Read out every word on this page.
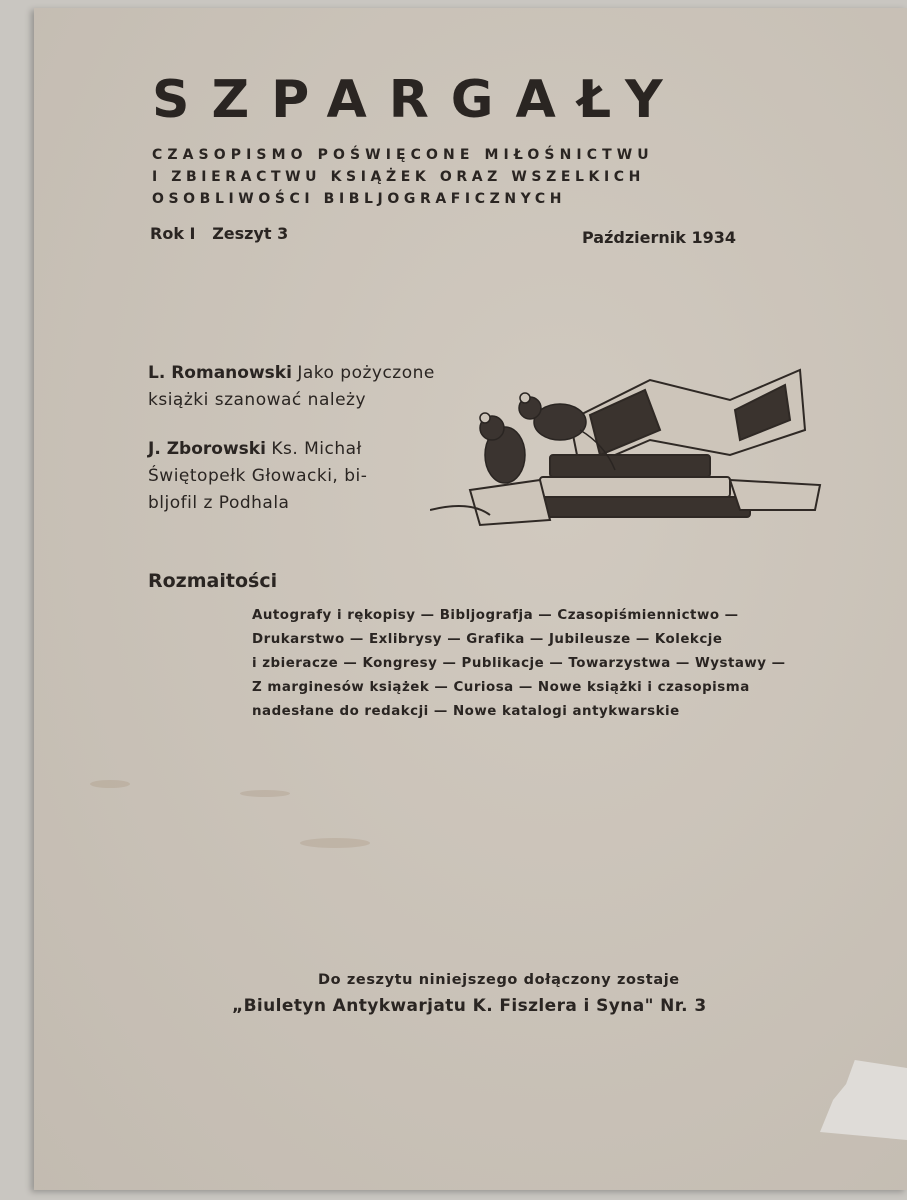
SZPARGAŁY
CZASOPISMO POŚWIĘCONE MIŁOŚNICTWU
I ZBIERACTWU KSIĄŻEK ORAZ WSZELKICH
OSOBLIWOŚCI BIBLJOGRAFICZNYCH
Rok I   Zeszyt 3	Październik 1934
L. Romanowski Jako pożyczone
książki szanować należy
J. Zborowski Ks. Michał
Świętopełk Głowacki, bi-
bljofil z Podhala
Rozmaitości
Autografy i rękopisy — Bibljografja — Czasopiśmiennictwo —
Drukarstwo — Exlibrysy — Grafika — Jubileusze — Kolekcje
i zbieracze — Kongresy — Publikacje — Towarzystwa — Wystawy —
Z marginesów książek — Curiosa — Nowe książki i czasopisma
nadesłane do redakcji — Nowe katalogi antykwarskie
Do zeszytu niniejszego dołączony zostaje
„Biuletyn Antykwarjatu K. Fiszlera i Syna" Nr. 3
